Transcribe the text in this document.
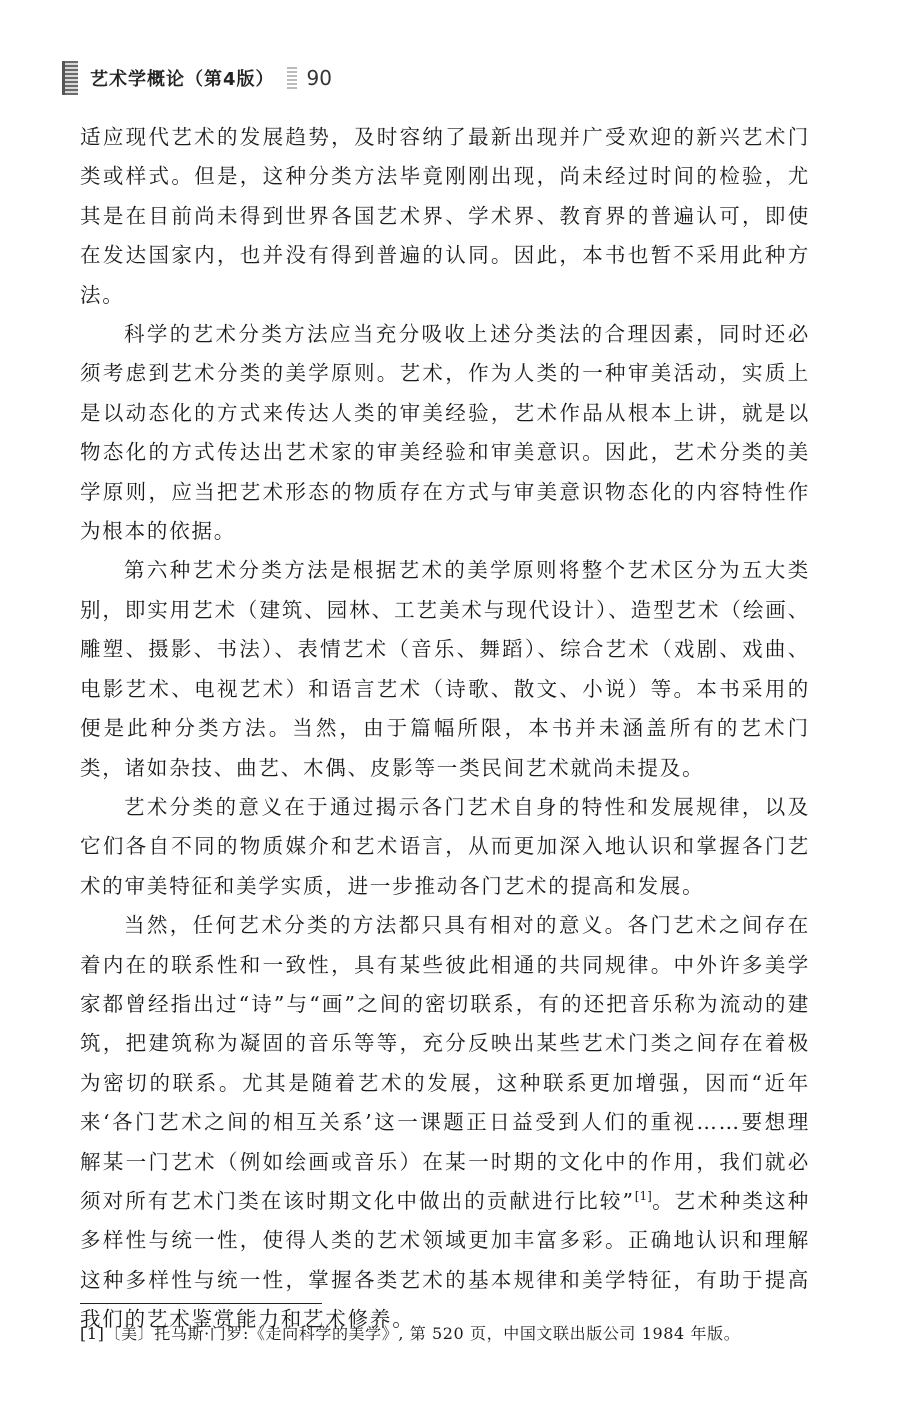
艺术学概论（第4版） 90

适应现代艺术的发展趋势，及时容纳了最新出现并广受欢迎的新兴艺术门类或样式。但是，这种分类方法毕竟刚刚出现，尚未经过时间的检验，尤其是在目前尚未得到世界各国艺术界、学术界、教育界的普遍认可，即使在发达国家内，也并没有得到普遍的认同。因此，本书也暂不采用此种方法。

科学的艺术分类方法应当充分吸收上述分类法的合理因素，同时还必须考虑到艺术分类的美学原则。艺术，作为人类的一种审美活动，实质上是以动态化的方式来传达人类的审美经验，艺术作品从根本上讲，就是以物态化的方式传达出艺术家的审美经验和审美意识。因此，艺术分类的美学原则，应当把艺术形态的物质存在方式与审美意识物态化的内容特性作为根本的依据。

第六种艺术分类方法是根据艺术的美学原则将整个艺术区分为五大类别，即实用艺术（建筑、园林、工艺美术与现代设计）、造型艺术（绘画、雕塑、摄影、书法）、表情艺术（音乐、舞蹈）、综合艺术（戏剧、戏曲、电影艺术、电视艺术）和语言艺术（诗歌、散文、小说）等。本书采用的便是此种分类方法。当然，由于篇幅所限，本书并未涵盖所有的艺术门类，诸如杂技、曲艺、木偶、皮影等一类民间艺术就尚未提及。

艺术分类的意义在于通过揭示各门艺术自身的特性和发展规律，以及它们各自不同的物质媒介和艺术语言，从而更加深入地认识和掌握各门艺术的审美特征和美学实质，进一步推动各门艺术的提高和发展。

当然，任何艺术分类的方法都只具有相对的意义。各门艺术之间存在着内在的联系性和一致性，具有某些彼此相通的共同规律。中外许多美学家都曾经指出过“诗”与“画”之间的密切联系，有的还把音乐称为流动的建筑，把建筑称为凝固的音乐等等，充分反映出某些艺术门类之间存在着极为密切的联系。尤其是随着艺术的发展，这种联系更加增强，因而“近年来‘各门艺术之间的相互关系’这一课题正日益受到人们的重视……要想理解某一门艺术（例如绘画或音乐）在某一时期的文化中的作用，我们就必须对所有艺术门类在该时期文化中做出的贡献进行比较”[1]。艺术种类这种多样性与统一性，使得人类的艺术领域更加丰富多彩。正确地认识和理解这种多样性与统一性，掌握各类艺术的基本规律和美学特征，有助于提高我们的艺术鉴赏能力和艺术修养。

[1]〔美〕托马斯·门罗:《走向科学的美学》, 第 520 页，中国文联出版公司 1984 年版。
